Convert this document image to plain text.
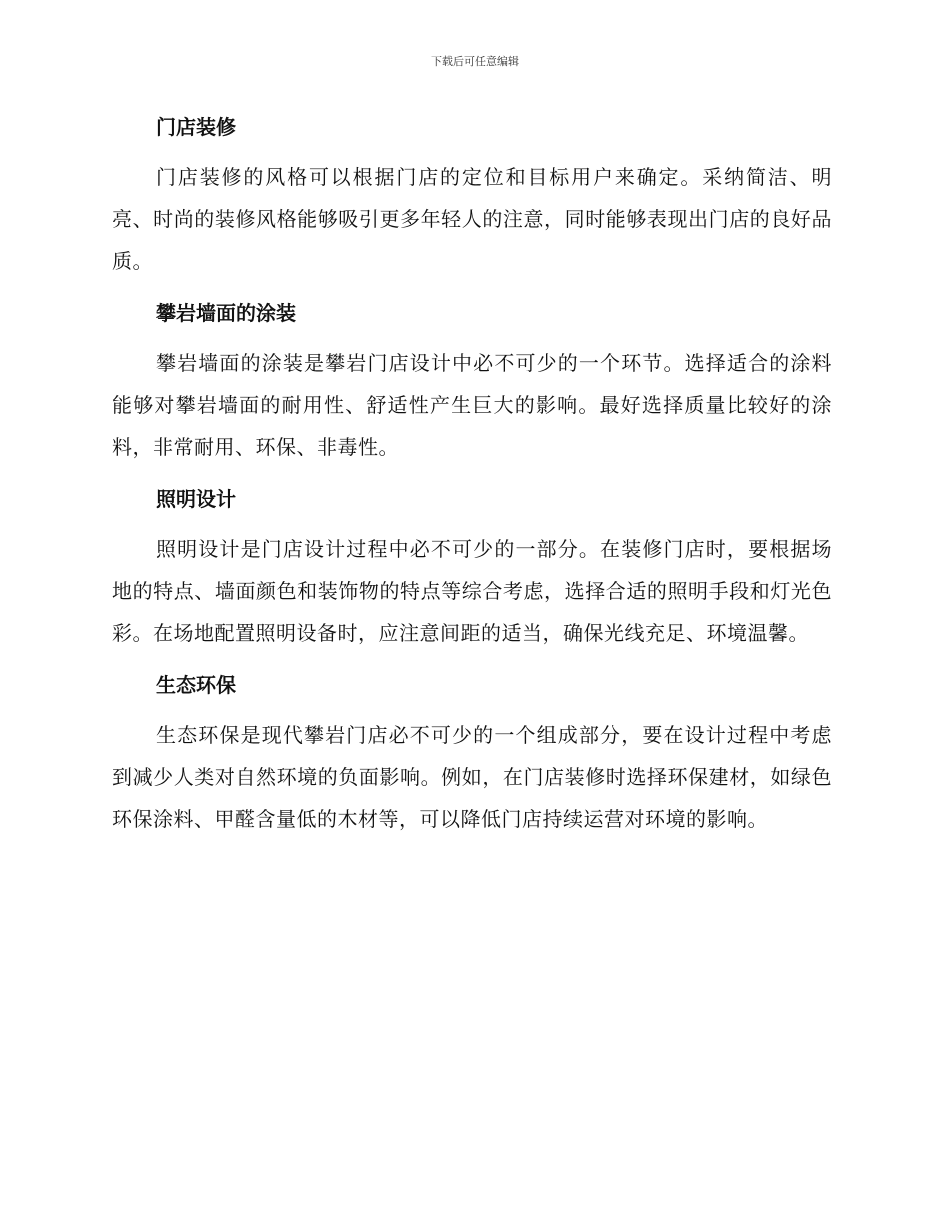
下载后可任意编辑
门店装修

门店装修的风格可以根据门店的定位和目标用户来确定。采纳简洁、明亮、时尚的装修风格能够吸引更多年轻人的注意，同时能够表现出门店的良好品质。

攀岩墙面的涂装

攀岩墙面的涂装是攀岩门店设计中必不可少的一个环节。选择适合的涂料能够对攀岩墙面的耐用性、舒适性产生巨大的影响。最好选择质量比较好的涂料，非常耐用、环保、非毒性。

照明设计

照明设计是门店设计过程中必不可少的一部分。在装修门店时，要根据场地的特点、墙面颜色和装饰物的特点等综合考虑，选择合适的照明手段和灯光色彩。在场地配置照明设备时，应注意间距的适当，确保光线充足、环境温馨。

生态环保

生态环保是现代攀岩门店必不可少的一个组成部分，要在设计过程中考虑到减少人类对自然环境的负面影响。例如，在门店装修时选择环保建材，如绿色环保涂料、甲醛含量低的木材等，可以降低门店持续运营对环境的影响。
